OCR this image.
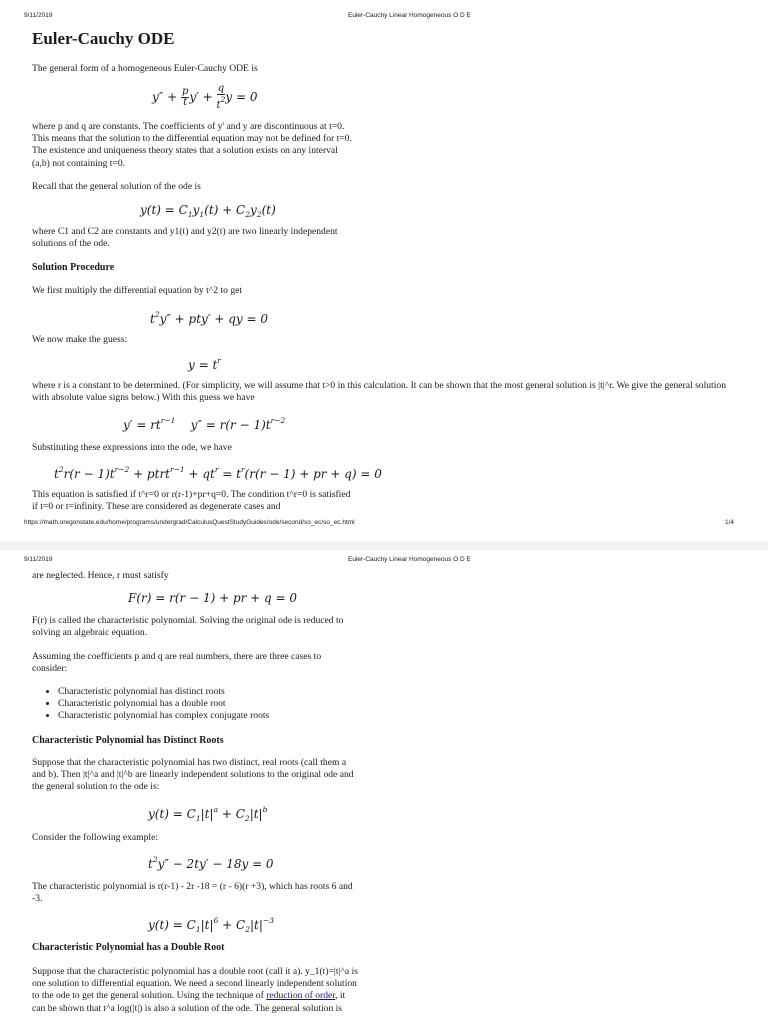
9/11/2019	Euler-Cauchy Linear Homogeneous O D E
Euler-Cauchy ODE

The general form of a homogeneous Euler-Cauchy ODE is

$y'' + \frac{p}{t} y' + \frac{q}{t^2}$ y = 0

where p and q are constants. The coefficients of y' and y are discontinuous at t=0. This means that the solution to the differential equation may not be defined for t=0. The existence and uniqueness theory states that a solution exists on any interval (a,b) not containing t=0.

Recall that the general solution of the ode is

$y(t) = C_1y_1(t) + C_2y_2(t)$

where C1 and C2 are constants and y1(t) and y2(t) are two linearly independent solutions of the ode.

Solution Procedure

We first multiply the differential equation by t^2 to get

$t^2y'' + pty'$ + qy = 0

We now make the guess:

$y = t^r$

where r is a constant to be determined. (For simplicity, we will assume that t>0 in this calculation. It can be shown that the most general solution is |t|^r. We give the general solution with absolute value signs below.) With this guess we have

$y' = rt^{r-1}$    $y'' = r(r - 1)t^{r-2}$

Substituting these expressions into the ode, we have

$t^2r(r - 1)t^{r-2}$ + ptrt$^{r-1}$ + $qt^r = t^r(r(r - 1)$ + pr + q) = 0

This equation is satisfied if t^r=0 or r(r-1)+pr+q=0. The condition t^r=0 is satisfied if t=0 or t=infinity. These are considered as degenerate cases and

https://math.oregonstate.edu/home/programs/undergrad/CalculusQuestStudyGuides/ode/second/so_ec/so_ec.html	1/4
9/11/2019	Euler-Cauchy Linear Homogeneous O D E

are neglected. Hence, r must satisfy

F(r) = r(r − 1) + pr + q = 0

F(r) is called the characteristic polynomial. Solving the original ode is reduced to solving an algebraic equation.

Assuming the coefficients p and q are real numbers, there are three cases to consider:

• Characteristic polynomial has distinct roots
• Characteristic polynomial has a double root
• Characteristic polynomial has complex conjugate roots
Characteristic Polynomial has Distinct Roots

Suppose that the characteristic polynomial has two distinct, real roots (call them a and b). Then |t|^a and |t|^b are linearly independent solutions to the original ode and the general solution to the ode is:

$y(t) = C_1|t|^a + C_2|t|^b$

Consider the following example:

$t^2y'' - 2ty' - 18y = 0$

The characteristic polynomial is r(r-1) - 2r -18 = (r - 6)(r +3), which has roots 6 and -3.

$y(t) = C_1|t|^6 + C_2|t|^{-3}$
Characteristic Polynomial has a Double Root

Suppose that the characteristic polynomial has a double root (call it a). y_1(t)=|t|^a is one solution to differential equation. We need a second linearly independent solution to the ode to get the general solution. Using the technique of reduction of order, it can be shown that t^a log(|t|) is also a solution of the ode. The general solution is
